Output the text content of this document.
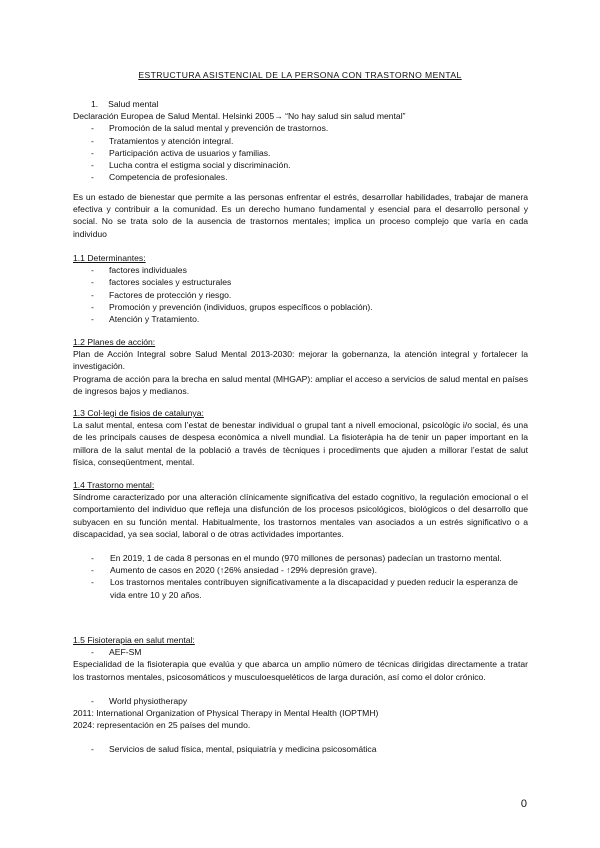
ESTRUCTURA ASISTENCIAL DE LA PERSONA CON TRASTORNO MENTAL
1. Salud mental

Declaración Europea de Salud Mental. Helsinki 2005→ “No hay salud sin salud mental”

- Promoción de la salud mental y prevención de trastornos.
- Tratamientos y atención integral.
- Participación activa de usuarios y familias.
- Lucha contra el estigma social y discriminación.
- Competencia de profesionales.

Es un estado de bienestar que permite a las personas enfrentar el estrés, desarrollar habilidades, trabajar de manera efectiva y contribuir a la comunidad. Es un derecho humano fundamental y esencial para el desarrollo personal y social. No se trata solo de la ausencia de trastornos mentales; implica un proceso complejo que varía en cada individuo

1.1 Determinantes:

- factores individuales
- factores sociales y estructurales
- Factores de protección y riesgo.
- Promoción y prevención (individuos, grupos específicos o población).
- Atención y Tratamiento.

1.2 Planes de acción:

Plan de Acción Integral sobre Salud Mental 2013-2030: mejorar la gobernanza, la atención integral y fortalecer la investigación.

Programa de acción para la brecha en salud mental (MHGAP): ampliar el acceso a servicios de salud mental en países de ingresos bajos y medianos.

1.3 Col·legi de fisios de catalunya:

La salut mental, entesa com l’estat de benestar individual o grupal tant a nivell emocional, psicològic i/o social, és una de les principals causes de despesa econòmica a nivell mundial. La fisioteràpia ha de tenir un paper important en la millora de la salut mental de la població a través de tècniques i procediments que ajuden a millorar l’estat de salut física, conseqüentment, mental.

1.4 Trastorno mental:

Síndrome caracterizado por una alteración clínicamente significativa del estado cognitivo, la regulación emocional o el comportamiento del individuo que refleja una disfunción de los procesos psicológicos, biológicos o del desarrollo que subyacen en su función mental. Habitualmente, los trastornos mentales van asociados a un estrés significativo o a discapacidad, ya sea social, laboral o de otras actividades importantes.

- En 2019, 1 de cada 8 personas en el mundo (970 millones de personas) padecían un trastorno mental.
- Aumento de casos en 2020 (↑26% ansiedad - ↑29% depresión grave).
- Los trastornos mentales contribuyen significativamente a la discapacidad y pueden reducir la esperanza de vida entre 10 y 20 años.

1.5 Fisioterapia en salut mental:

- AEF-SM

Especialidad de la fisioterapia que evalúa y que abarca un amplio número de técnicas dirigidas directamente a tratar los trastornos mentales, psicosomáticos y musculoesqueléticos de larga duración, así como el dolor crónico.

- World physiotherapy

2011: International Organization of Physical Therapy in Mental Health (IOPTMH)

2024: representación en 25 países del mundo.

- Servicios de salud física, mental, psiquiatría y medicina psicosomática
0
